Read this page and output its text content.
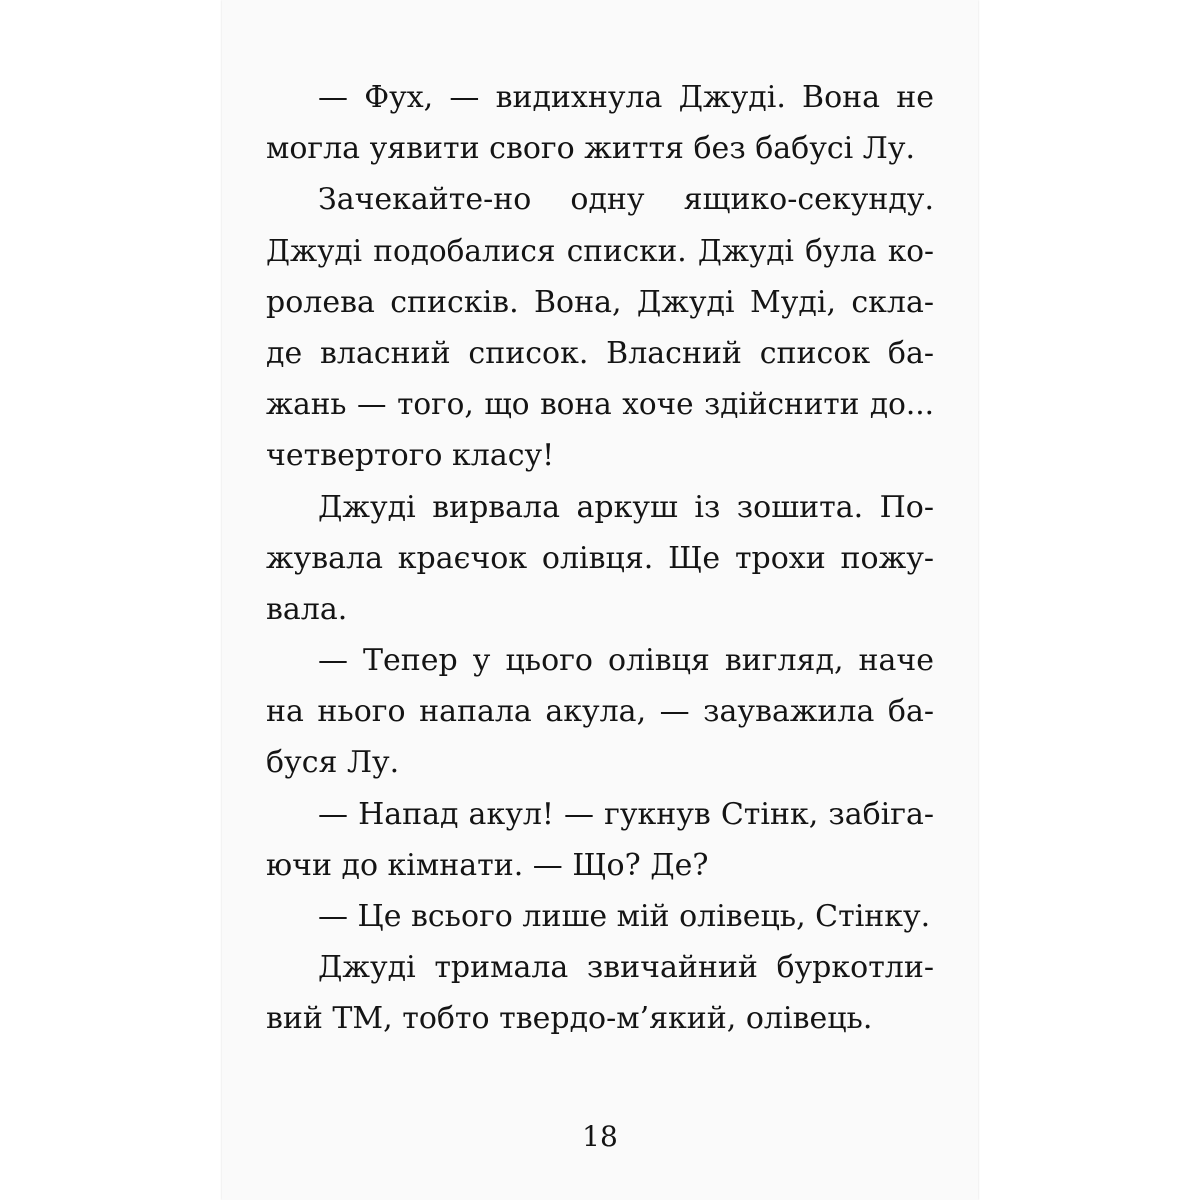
— Фух, — видихнула Джуді. Вона не
могла уявити свого життя без бабусі Лу.
Зачекайте-но одну ящико-секунду.
Джуді подобалися списки. Джуді була ко-
ролева списків. Вона, Джуді Муді, скла-
де власний список. Власний список ба-
жань — того, що вона хоче здійснити до...
четвертого класу!
Джуді вирвала аркуш із зошита. По-
жувала краєчок олівця. Ще трохи пожу-
вала.
— Тепер у цього олівця вигляд, наче
на нього напала акула, — зауважила ба-
буся Лу.
— Напад акул! — гукнув Стінк, забіга-
ючи до кімнати. — Що? Де?
— Це всього лише мій олівець, Стінку.
Джуді тримала звичайний буркотли-
вий ТМ, тобто твердо-м’який, олівець.
18
